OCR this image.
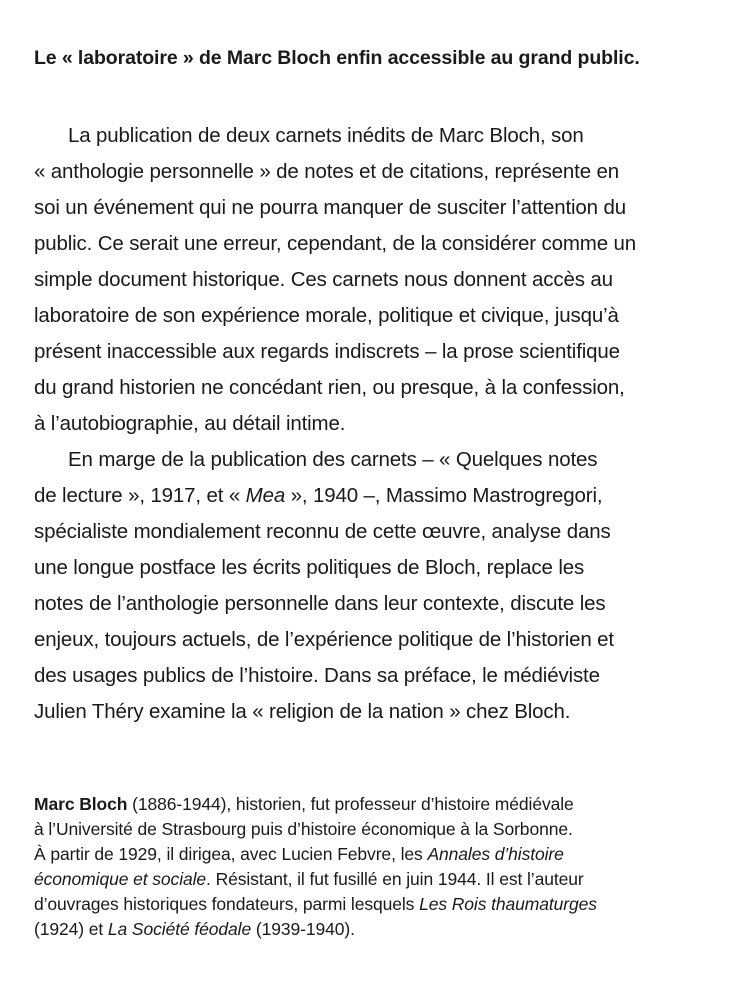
Le « laboratoire » de Marc Bloch enfin accessible au grand public.
La publication de deux carnets inédits de Marc Bloch, son
« anthologie personnelle » de notes et de citations, représente en
soi un événement qui ne pourra manquer de susciter l’attention du
public. Ce serait une erreur, cependant, de la considérer comme un
simple document historique. Ces carnets nous donnent accès au
laboratoire de son expérience morale, politique et civique, jusqu’à
présent inaccessible aux regards indiscrets – la prose scientifique
du grand historien ne concédant rien, ou presque, à la confession,
à l’autobiographie, au détail intime.
En marge de la publication des carnets – « Quelques notes
de lecture », 1917, et « Mea », 1940 –, Massimo Mastrogregori,
spécialiste mondialement reconnu de cette œuvre, analyse dans
une longue postface les écrits politiques de Bloch, replace les
notes de l’anthologie personnelle dans leur contexte, discute les
enjeux, toujours actuels, de l’expérience politique de l’historien et
des usages publics de l’histoire. Dans sa préface, le médiéviste
Julien Théry examine la « religion de la nation » chez Bloch.
Marc Bloch (1886-1944), historien, fut professeur d’histoire médiévale
à l’Université de Strasbourg puis d’histoire économique à la Sorbonne.
À partir de 1929, il dirigea, avec Lucien Febvre, les Annales d’histoire
économique et sociale. Résistant, il fut fusillé en juin 1944. Il est l’auteur
d’ouvrages historiques fondateurs, parmi lesquels Les Rois thaumaturges
(1924) et La Société féodale (1939-1940).
